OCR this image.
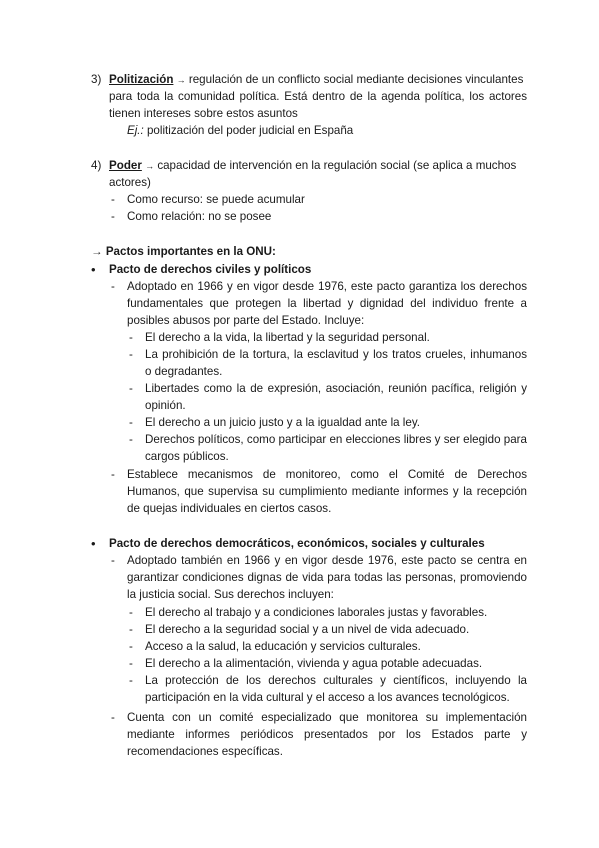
3) Politización → regulación de un conflicto social mediante decisiones vinculantes
para toda la comunidad política. Está dentro de la agenda política, los actores
tienen intereses sobre estos asuntos
Ej.: politización del poder judicial en España
4) Poder → capacidad de intervención en la regulación social (se aplica a muchos
actores)
- Como recurso: se puede acumular
- Como relación: no se posee
→ Pactos importantes en la ONU:
• Pacto de derechos civiles y políticos
- Adoptado en 1966 y en vigor desde 1976, este pacto garantiza los derechos
fundamentales que protegen la libertad y dignidad del individuo frente a
posibles abusos por parte del Estado. Incluye:
- El derecho a la vida, la libertad y la seguridad personal.
- La prohibición de la tortura, la esclavitud y los tratos crueles, inhumanos
o degradantes.
- Libertades como la de expresión, asociación, reunión pacífica, religión y
opinión.
- El derecho a un juicio justo y a la igualdad ante la ley.
- Derechos políticos, como participar en elecciones libres y ser elegido para
cargos públicos.
- Establece mecanismos de monitoreo, como el Comité de Derechos
Humanos, que supervisa su cumplimiento mediante informes y la recepción
de quejas individuales en ciertos casos.
• Pacto de derechos democráticos, económicos, sociales y culturales
- Adoptado también en 1966 y en vigor desde 1976, este pacto se centra en
garantizar condiciones dignas de vida para todas las personas, promoviendo
la justicia social. Sus derechos incluyen:
- El derecho al trabajo y a condiciones laborales justas y favorables.
- El derecho a la seguridad social y a un nivel de vida adecuado.
- Acceso a la salud, la educación y servicios culturales.
- El derecho a la alimentación, vivienda y agua potable adecuadas.
- La protección de los derechos culturales y científicos, incluyendo la
participación en la vida cultural y el acceso a los avances tecnológicos.
- Cuenta con un comité especializado que monitorea su implementación
mediante informes periódicos presentados por los Estados parte y
recomendaciones específicas.
